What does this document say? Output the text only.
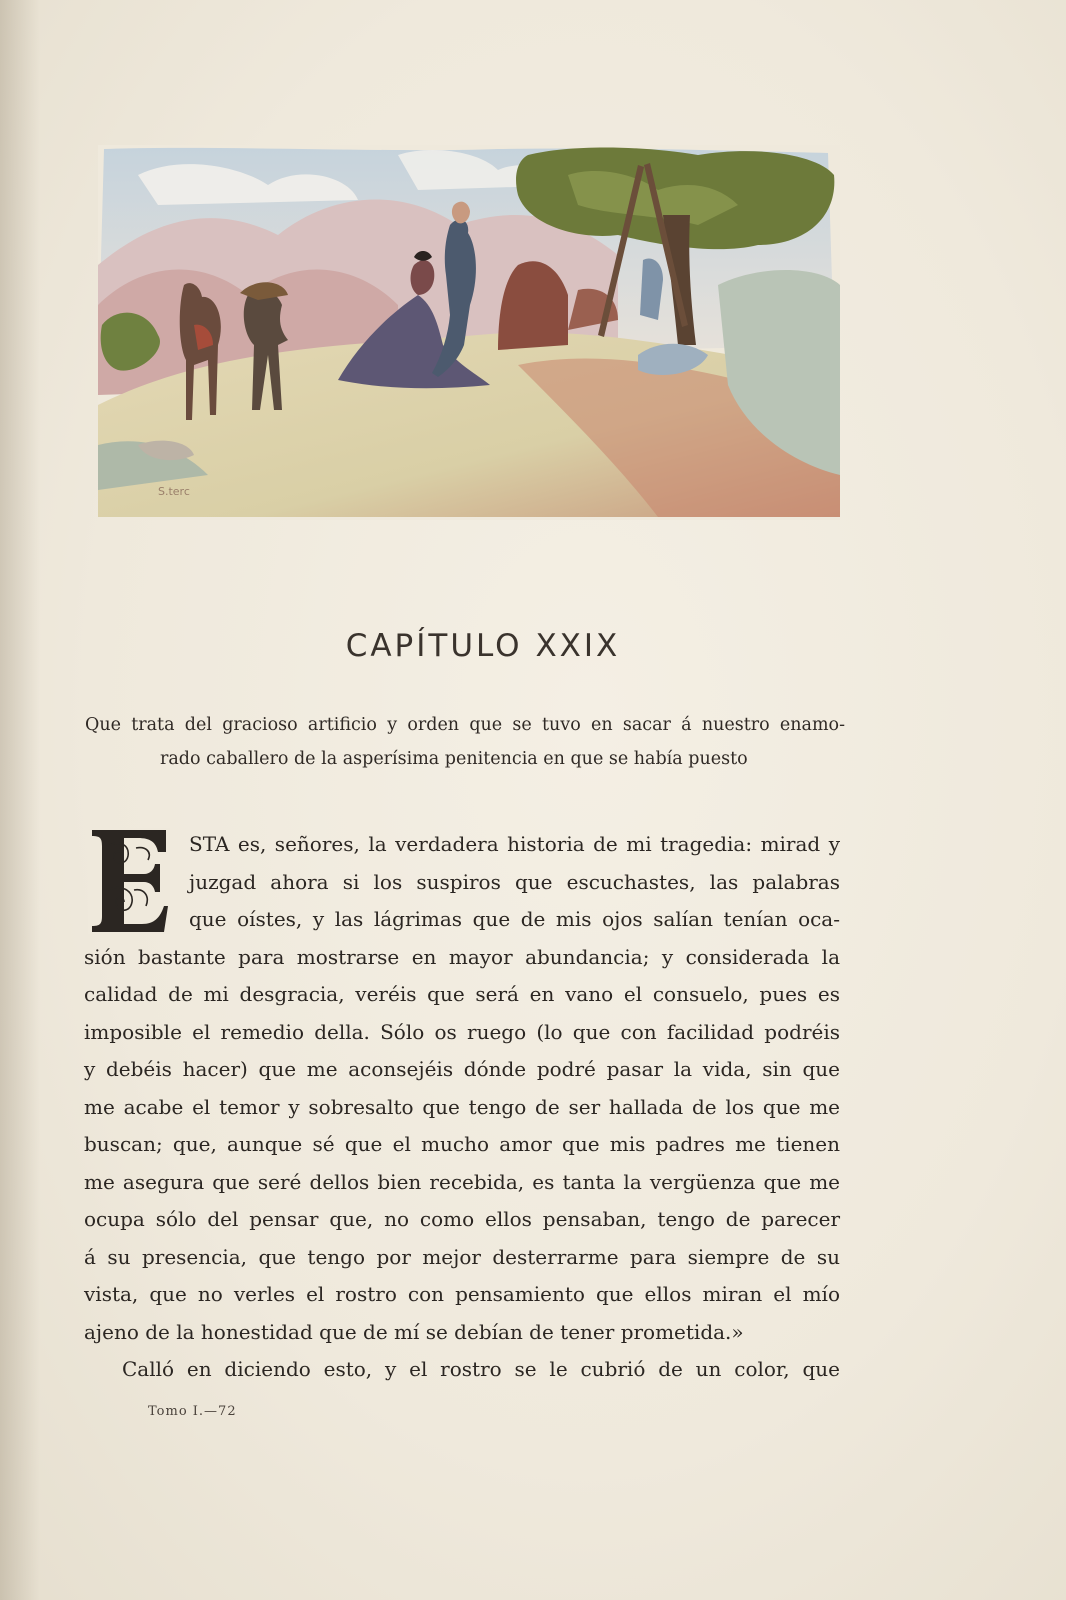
S.terc
CAPÍTULO XXIX
Que trata del gracioso artificio y orden que se tuvo en sacar á nuestro enamo-
rado caballero de la asperísima penitencia en que se había puesto
STA es, señores, la verdadera historia de mi tragedia: mirad y
juzgad ahora si los suspiros que escuchastes, las palabras
que oístes, y las lágrimas que de mis ojos salían tenían oca-
sión bastante para mostrarse en mayor abundancia; y considerada la
calidad de mi desgracia, veréis que será en vano el consuelo, pues es
imposible el remedio della. Sólo os ruego (lo que con facilidad podréis
y debéis hacer) que me aconsejéis dónde podré pasar la vida, sin que
me acabe el temor y sobresalto que tengo de ser hallada de los que me
buscan; que, aunque sé que el mucho amor que mis padres me tienen
me asegura que seré dellos bien recebida, es tanta la vergüenza que me
ocupa sólo del pensar que, no como ellos pensaban, tengo de parecer
á su presencia, que tengo por mejor desterrarme para siempre de su
vista, que no verles el rostro con pensamiento que ellos miran el mío
ajeno de la honestidad que de mí se debían de tener prometida.»
Calló en diciendo esto, y el rostro se le cubrió de un color, que
Tomo I.—72
